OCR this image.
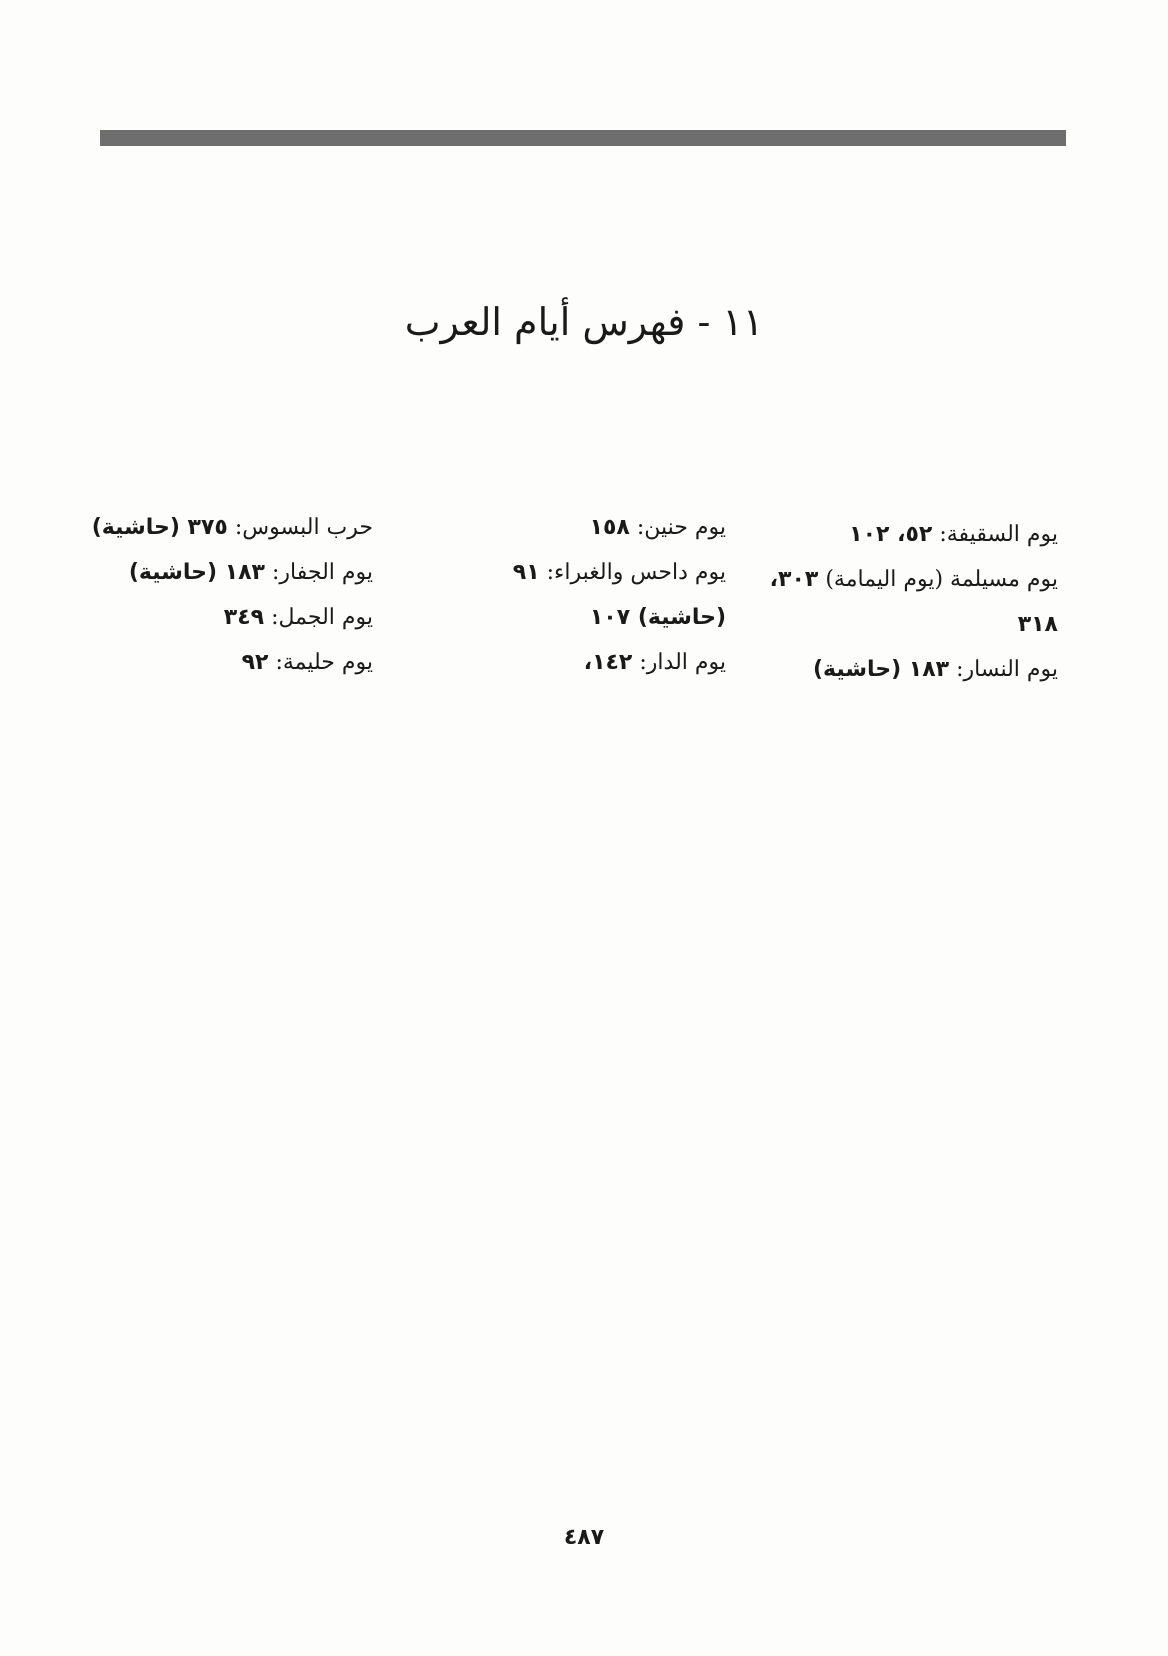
١١ - فهرس أيام العرب
حرب البسوس: ٣٧٥ (حاشية)
يوم الجفار: ١٨٣ (حاشية)
يوم الجمل: ٣٤٩
يوم حليمة: ٩٢
يوم حنين: ١٥٨
يوم داحس والغبراء: ٩١
(حاشية) ١٠٧
يوم الدار: ١٤٢،
يوم السقيفة: ٥٢، ١٠٢
يوم مسيلمة (يوم اليمامة) ٣٠٣،
٣١٨
يوم النسار: ١٨٣ (حاشية)
٤٨٧
